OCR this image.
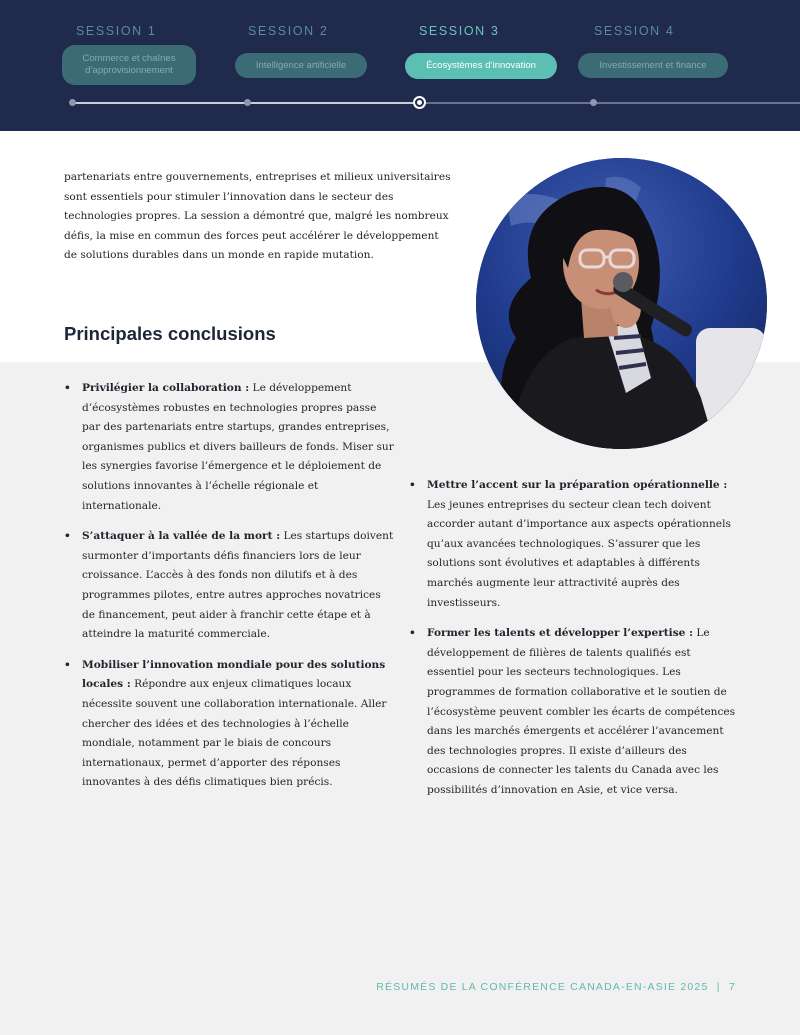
SESSION 1
Commerce et chaînes d’approvisionnement
SESSION 2
Intelligence artificielle
SESSION 3
Écosystèmes d’innovation
SESSION 4
Investissement et finance

partenariats entre gouvernements, entreprises et milieux universitaires sont essentiels pour stimuler l’innovation dans le secteur des technologies propres. La session a démontré que, malgré les nombreux défis, la mise en commun des forces peut accélérer le développement de solutions durables dans un monde en rapide mutation.

Principales conclusions
• Privilégier la collaboration : Le développement d’écosystèmes robustes en technologies propres passe par des partenariats entre startups, grandes entreprises, organismes publics et divers bailleurs de fonds. Miser sur les synergies favorise l’émergence et le déploiement de solutions innovantes à l’échelle régionale et internationale.
• S’attaquer à la vallée de la mort : Les startups doivent surmonter d’importants défis financiers lors de leur croissance. L’accès à des fonds non dilutifs et à des programmes pilotes, entre autres approches novatrices de financement, peut aider à franchir cette étape et à atteindre la maturité commerciale.
• Mobiliser l’innovation mondiale pour des solutions locales : Répondre aux enjeux climatiques locaux nécessite souvent une collaboration internationale. Aller chercher des idées et des technologies à l’échelle mondiale, notamment par le biais de concours internationaux, permet d’apporter des réponses innovantes à des défis climatiques bien précis.
• Mettre l’accent sur la préparation opérationnelle : Les jeunes entreprises du secteur clean tech doivent accorder autant d’importance aux aspects opérationnels qu’aux avancées technologiques. S’assurer que les solutions sont évolutives et adaptables à différents marchés augmente leur attractivité auprès des investisseurs.
• Former les talents et développer l’expertise : Le développement de filières de talents qualifiés est essentiel pour les secteurs technologiques. Les programmes de formation collaborative et le soutien de l’écosystème peuvent combler les écarts de compétences dans les marchés émergents et accélérer l’avancement des technologies propres. Il existe d’ailleurs des occasions de connecter les talents du Canada avec les possibilités d’innovation en Asie, et vice versa.
RÉSUMÉS DE LA CONFÉRENCE CANADA-EN-ASIE 2025 | 7
